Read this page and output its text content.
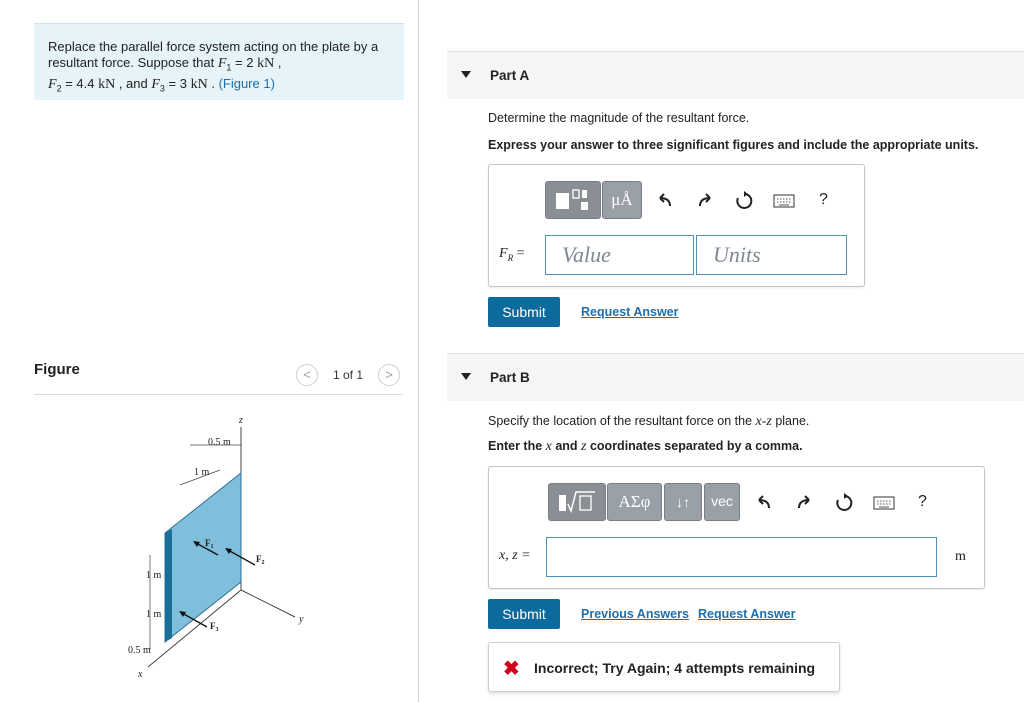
Replace the parallel force system acting on the plate by a
resultant force. Suppose that $F_1 = 2$ kN ,
$F_2 = 4.4$ kN , and $F_3 = 3$ kN . (Figure 1)
Figure	<	1 of 1	>
z
x
y
0.5 m
1 m
1 m
1 m
0.5 m
$F_1$
$F_2$
$F_3$
Part A
Determine the magnitude of the resultant force.
Express your answer to three significant figures and include the appropriate units.
μÅ	?
$F_R$ =	Value	Units
Submit	Request Answer
Part B
Specify the location of the resultant force on the x-z plane.
Enter the x and z coordinates separated by a comma.
ΑΣφ	↓↑	vec	?
x, z =	m
Submit	Previous Answers Request Answer
✖ Incorrect; Try Again; 4 attempts remaining
